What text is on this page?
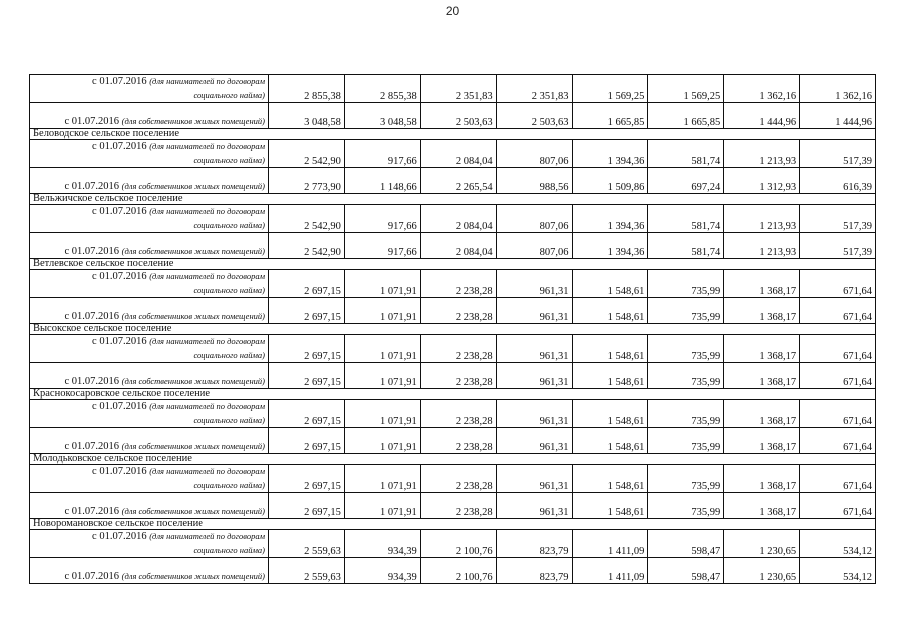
20
с 01.07.2016 (для нанимателей по договорам
социального найма)	2 855,38	2 855,38	2 351,83	2 351,83	1 569,25	1 569,25	1 362,16	1 362,16
с 01.07.2016 (для собственников жилых помещений)	3 048,58	3 048,58	2 503,63	2 503,63	1 665,85	1 665,85	1 444,96	1 444,96
Беловодское сельское поселение								
с 01.07.2016 (для нанимателей по договорам
социального найма)	2 542,90	917,66	2 084,04	807,06	1 394,36	581,74	1 213,93	517,39
с 01.07.2016 (для собственников жилых помещений)	2 773,90	1 148,66	2 265,54	988,56	1 509,86	697,24	1 312,93	616,39
Вельжичское сельское поселение								
с 01.07.2016 (для нанимателей по договорам
социального найма)	2 542,90	917,66	2 084,04	807,06	1 394,36	581,74	1 213,93	517,39
с 01.07.2016 (для собственников жилых помещений)	2 542,90	917,66	2 084,04	807,06	1 394,36	581,74	1 213,93	517,39
Ветлевское сельское поселение								
с 01.07.2016 (для нанимателей по договорам
социального найма)	2 697,15	1 071,91	2 238,28	961,31	1 548,61	735,99	1 368,17	671,64
с 01.07.2016 (для собственников жилых помещений)	2 697,15	1 071,91	2 238,28	961,31	1 548,61	735,99	1 368,17	671,64
Высокское сельское поселение								
с 01.07.2016 (для нанимателей по договорам
социального найма)	2 697,15	1 071,91	2 238,28	961,31	1 548,61	735,99	1 368,17	671,64
с 01.07.2016 (для собственников жилых помещений)	2 697,15	1 071,91	2 238,28	961,31	1 548,61	735,99	1 368,17	671,64
Краснокосаровское сельское поселение								
с 01.07.2016 (для нанимателей по договорам
социального найма)	2 697,15	1 071,91	2 238,28	961,31	1 548,61	735,99	1 368,17	671,64
с 01.07.2016 (для собственников жилых помещений)	2 697,15	1 071,91	2 238,28	961,31	1 548,61	735,99	1 368,17	671,64
Молодьковское сельское поселение								
с 01.07.2016 (для нанимателей по договорам
социального найма)	2 697,15	1 071,91	2 238,28	961,31	1 548,61	735,99	1 368,17	671,64
с 01.07.2016 (для собственников жилых помещений)	2 697,15	1 071,91	2 238,28	961,31	1 548,61	735,99	1 368,17	671,64
Новоромановское сельское поселение								
с 01.07.2016 (для нанимателей по договорам
социального найма)	2 559,63	934,39	2 100,76	823,79	1 411,09	598,47	1 230,65	534,12
с 01.07.2016 (для собственников жилых помещений)	2 559,63	934,39	2 100,76	823,79	1 411,09	598,47	1 230,65	534,12
